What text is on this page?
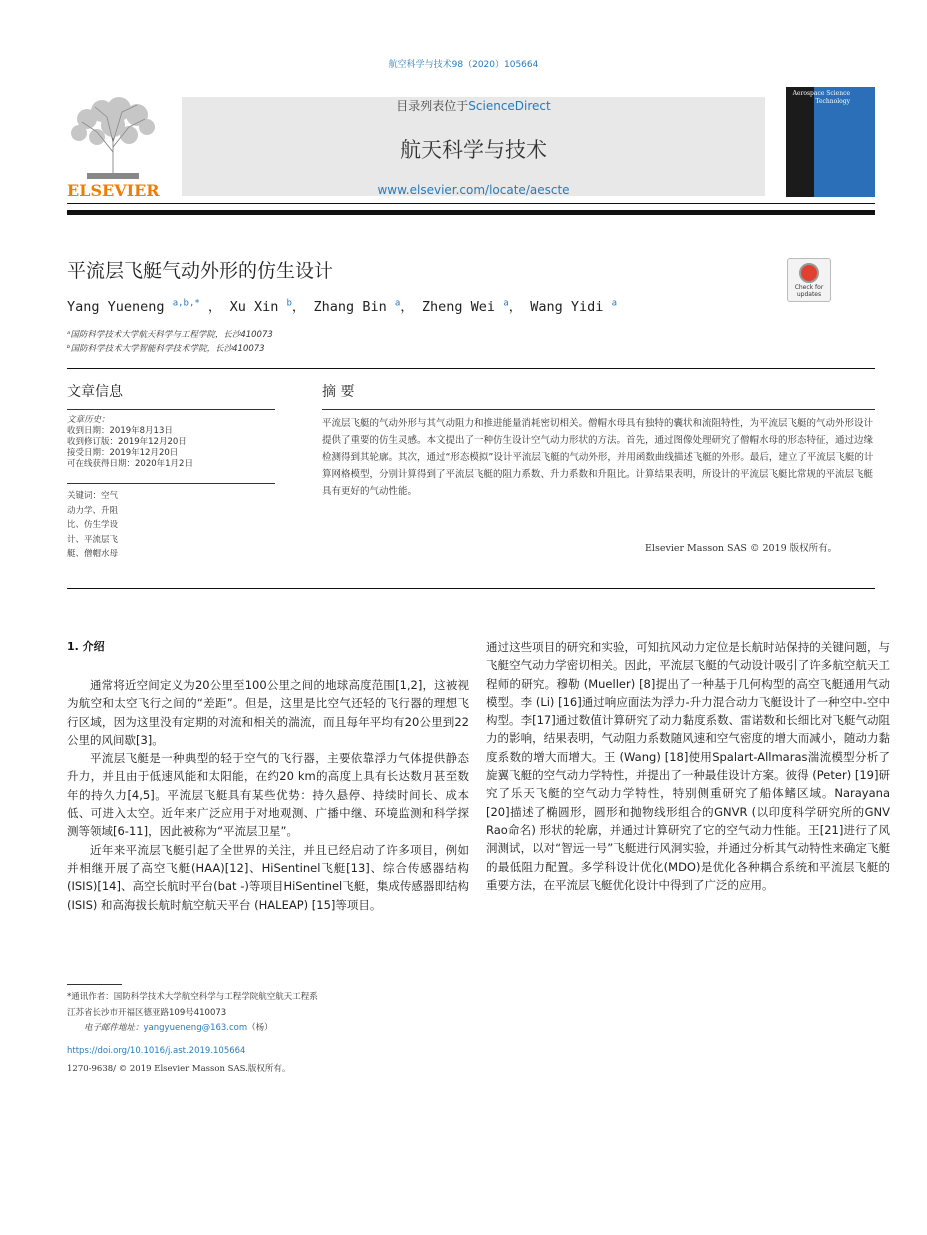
航空科学与技术98（2020）105664
ELSEVIER
目录列表位于ScienceDirect
航天科学与技术
www.elsevier.com/locate/aescte
Aerospace Science Technology
平流层飞艇气动外形的仿生设计
Check for updates
Yang Yueneng $^{a,b,*}$ ， Xu Xin $^b$， Zhang Bin $^a$， Zheng Wei $^a$， Wang Yidi $^a$
ᵃ国防科学技术大学航天科学与工程学院，长沙410073
ᵇ国防科学技术大学智能科学技术学院，长沙410073
文章信息
文章历史：
收到日期：2019年8月13日
收到修订版：2019年12月20日
接受日期：2019年12月20日
可在线获得日期：2020年1月2日
关键词：空气
动力学、升阻
比、仿生学设
计、平流层飞
艇、僧帽水母
摘 要
平流层飞艇的气动外形与其气动阻力和推进能量消耗密切相关。僧帽水母具有独特的囊状和流阻特性，为平流层飞艇的气动外形设计提供了重要的仿生灵感。本文提出了一种仿生设计空气动力形状的方法。首先，通过图像处理研究了僧帽水母的形态特征，通过边缘检测得到其轮廓。其次，通过“形态模拟”设计平流层飞艇的气动外形，并用函数曲线描述飞艇的外形。最后，建立了平流层飞艇的计算网格模型，分别计算得到了平流层飞艇的阻力系数、升力系数和升阻比。计算结果表明，所设计的平流层飞艇比常规的平流层飞艇具有更好的气动性能。
Elsevier Masson SAS © 2019 版权所有。
1. 介绍

通常将近空间定义为20公里至100公里之间的地球高度范围[1,2]，这被视为航空和太空飞行之间的“差距”。但是，这里是比空气还轻的飞行器的理想飞行区域，因为这里没有定期的对流和相关的湍流，而且每年平均有20公里到22公里的风间歇[3]。

平流层飞艇是一种典型的轻于空气的飞行器，主要依靠浮力气体提供静态升力，并且由于低速风能和太阳能，在约20 km的高度上具有长达数月甚至数年的持久力[4,5]。平流层飞艇具有某些优势：持久悬停、持续时间长、成本低、可进入太空。近年来广泛应用于对地观测、广播中继、环境监测和科学探测等领域[6-11]，因此被称为“平流层卫星”。

近年来平流层飞艇引起了全世界的关注，并且已经启动了许多项目，例如并相继开展了高空飞艇(HAA)[12]、HiSentinel飞艇[13]、综合传感器结构(ISIS)[14]、高空长航时平台(bat -)等项目HiSentinel飞艇，集成传感器即结构 (ISIS) 和高海拔长航时航空航天平台 (HALEAP) [15]等项目。

通过这些项目的研究和实验，可知抗风动力定位是长航时站保持的关键问题，与飞艇空气动力学密切相关。因此，平流层飞艇的气动设计吸引了许多航空航天工程师的研究。穆勒 (Mueller) [8]提出了一种基于几何构型的高空飞艇通用气动模型。李 (Li) [16]通过响应面法为浮力-升力混合动力飞艇设计了一种空中-空中构型。李[17]通过数值计算研究了动力黏度系数、雷诺数和长细比对飞艇气动阻力的影响，结果表明，气动阻力系数随风速和空气密度的增大而减小，随动力黏度系数的增大而增大。王 (Wang) [18]使用Spalart-Allmaras湍流模型分析了旋翼飞艇的空气动力学特性，并提出了一种最佳设计方案。彼得 (Peter) [19]研究了乐天飞艇的空气动力学特性，特别侧重研究了船体鳍区域。Narayana [20]描述了椭圆形，圆形和抛物线形组合的GNVR (以印度科学研究所的GNV Rao命名) 形状的轮廓，并通过计算研究了它的空气动力性能。王[21]进行了风洞测试，以对“智远一号”飞艇进行风洞实验，并通过分析其气动特性来确定飞艇的最低阻力配置。多学科设计优化(MDO)是优化各种耦合系统和平流层飞艇的重要方法，在平流层飞艇优化设计中得到了广泛的应用。

*通讯作者：国防科学技术大学航空科学与工程学院航空航天工程系
江苏省长沙市开福区德亚路109号410073
电子邮件地址：yangyueneng@163.com（杨）
https://doi.org/10.1016/j.ast.2019.105664
1270-9638/ © 2019 Elsevier Masson SAS.版权所有。
